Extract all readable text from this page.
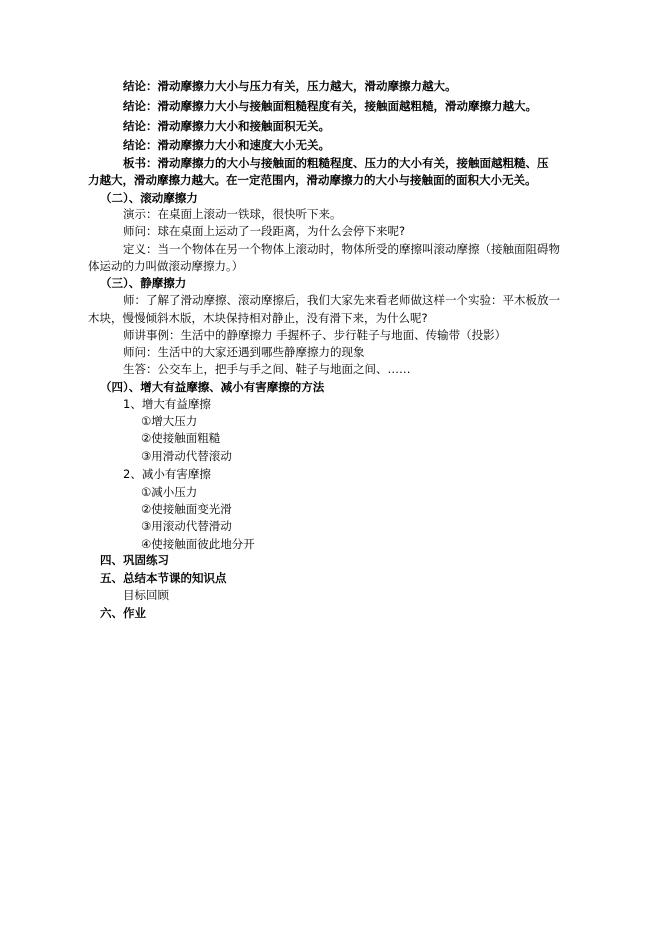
结论：滑动摩擦力大小与压力有关，压力越大，滑动摩擦力越大。
结论：滑动摩擦力大小与接触面粗糙程度有关，接触面越粗糙，滑动摩擦力越大。
结论：滑动摩擦力大小和接触面积无关。
结论：滑动摩擦力大小和速度大小无关。
板书：滑动摩擦力的大小与接触面的粗糙程度、压力的大小有关，接触面越粗糙、压
力越大，滑动摩擦力越大。在一定范围内，滑动摩擦力的大小与接触面的面积大小无关。
（二）、滚动摩擦力
演示：在桌面上滚动一铁球，很快听下来。
师问：球在桌面上运动了一段距离，为什么会停下来呢?
定义：当一个物体在另一个物体上滚动时，物体所受的摩擦叫滚动摩擦（接触面阻碍物
体运动的力叫做滚动摩擦力。）
（三）、静摩擦力
师：了解了滑动摩擦、滚动摩擦后，我们大家先来看老师做这样一个实验：平木板放一
木块，慢慢倾斜木版，木块保持相对静止，没有滑下来，为什么呢?
师讲事例：生活中的静摩擦力 手握杯子、步行鞋子与地面、传输带（投影）
师问：生活中的大家还遇到哪些静摩擦力的现象
生答：公交车上，把手与手之间、鞋子与地面之间、……
（四）、增大有益摩擦、减小有害摩擦的方法
1、增大有益摩擦
①增大压力
②使接触面粗糙
③用滑动代替滚动
2、减小有害摩擦
①减小压力
②使接触面变光滑
③用滚动代替滑动
④使接触面彼此地分开
四、巩固练习
五、总结本节课的知识点
目标回顾
六、作业
